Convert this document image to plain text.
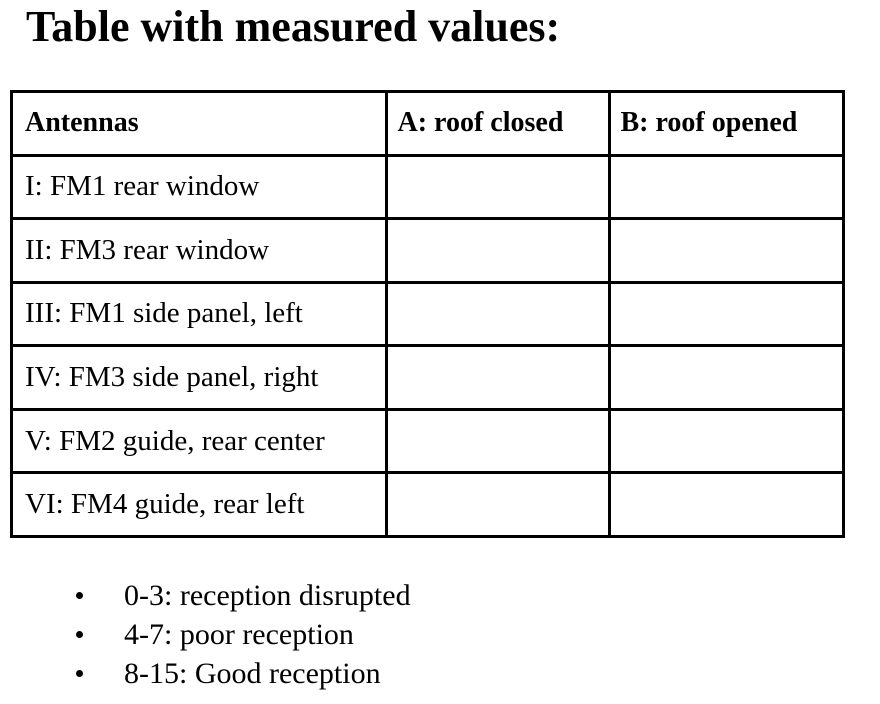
Table with measured values:
Antennas	A: roof closed	B: roof opened
I: FM1 rear window		
II: FM3 rear window		
III: FM1 side panel, left		
IV: FM3 side panel, right		
V: FM2 guide, rear center		
VI: FM4 guide, rear left		
0-3: reception disrupted
4-7: poor reception
8-15: Good reception
